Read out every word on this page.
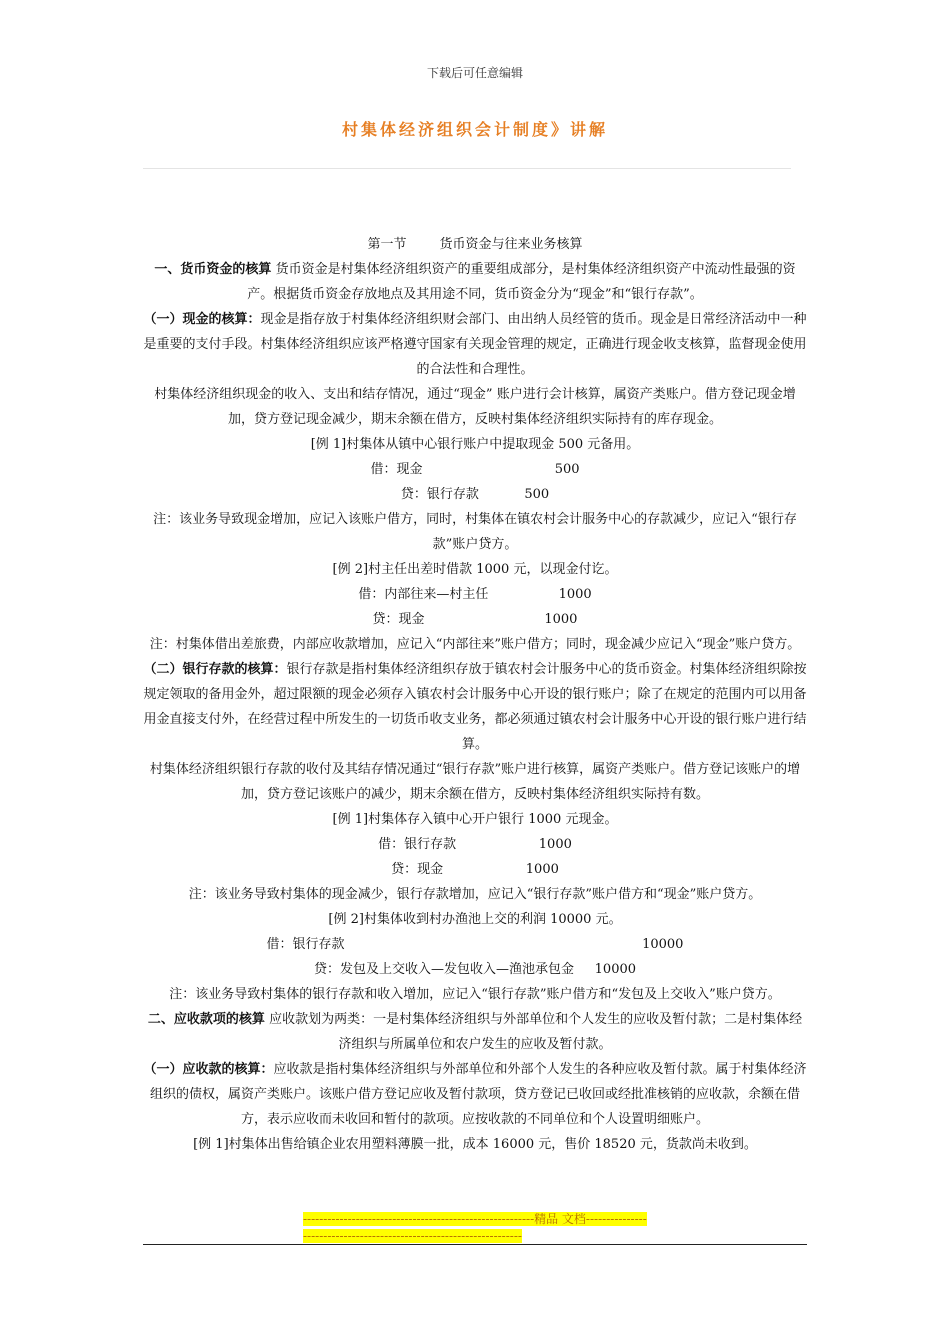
下载后可任意编辑
村集体经济组织会计制度》讲解

第一节        货币资金与往来业务核算

一、货币资金的核算 货币资金是村集体经济组织资产的重要组成部分，是村集体经济组织资产中流动性最强的资产。根据货币资金存放地点及其用途不同，货币资金分为“现金”和“银行存款”。

（一）现金的核算：现金是指存放于村集体经济组织财会部门、由出纳人员经管的货币。现金是日常经济活动中一种是重要的支付手段。村集体经济组织应该严格遵守国家有关现金管理的规定，正确进行现金收支核算，监督现金使用的合法性和合理性。

村集体经济组织现金的收入、支出和结存情况，通过“现金” 账户进行会计核算，属资产类账户。借方登记现金增加，贷方登记现金减少，期末余额在借方，反映村集体经济组织实际持有的库存现金。

[例 1]村集体从镇中心银行账户中提取现金 500 元备用。

借：现金                                500

贷：银行存款           500

注：该业务导致现金增加，应记入该账户借方，同时，村集体在镇农村会计服务中心的存款减少，应记入“银行存款”账户贷方。

[例 2]村主任出差时借款 1000 元，以现金付讫。

借：内部往来—村主任                 1000

贷：现金                             1000

注：村集体借出差旅费，内部应收款增加，应记入“内部往来”账户借方；同时，现金减少应记入“现金”账户贷方。

（二）银行存款的核算：银行存款是指村集体经济组织存放于镇农村会计服务中心的货币资金。村集体经济组织除按规定领取的备用金外，超过限额的现金必须存入镇农村会计服务中心开设的银行账户；除了在规定的范围内可以用备用金直接支付外，在经营过程中所发生的一切货币收支业务，都必须通过镇农村会计服务中心开设的银行账户进行结算。

村集体经济组织银行存款的收付及其结存情况通过“银行存款”账户进行核算，属资产类账户。借方登记该账户的增加，贷方登记该账户的减少，期末余额在借方，反映村集体经济组织实际持有数。

[例 1]村集体存入镇中心开户银行 1000 元现金。

借：银行存款                    1000

贷：现金                    1000

注：该业务导致村集体的现金减少，银行存款增加，应记入“银行存款”账户借方和“现金”账户贷方。

[例 2]村集体收到村办渔池上交的利润 10000 元。

借：银行存款                                                                        10000

贷：发包及上交收入—发包收入—渔池承包金     10000

注：该业务导致村集体的银行存款和收入增加，应记入“银行存款”账户借方和“发包及上交收入”账户贷方。

二、应收款项的核算 应收款划为两类：一是村集体经济组织与外部单位和个人发生的应收及暂付款；二是村集体经济组织与所属单位和农户发生的应收及暂付款。

（一）应收款的核算：应收款是指村集体经济组织与外部单位和外部个人发生的各种应收及暂付款。属于村集体经济组织的债权，属资产类账户。该账户借方登记应收及暂付款项，贷方登记已收回或经批准核销的应收款，余额在借方，表示应收而未收回和暂付的款项。应按收款的不同单位和个人设置明细账户。

[例 1]村集体出售给镇企业农用塑料薄膜一批，成本 16000 元，售价 18520 元，货款尚未收到。

---------------------------------------------------------精品 文档---------------------------------------------------------------------
